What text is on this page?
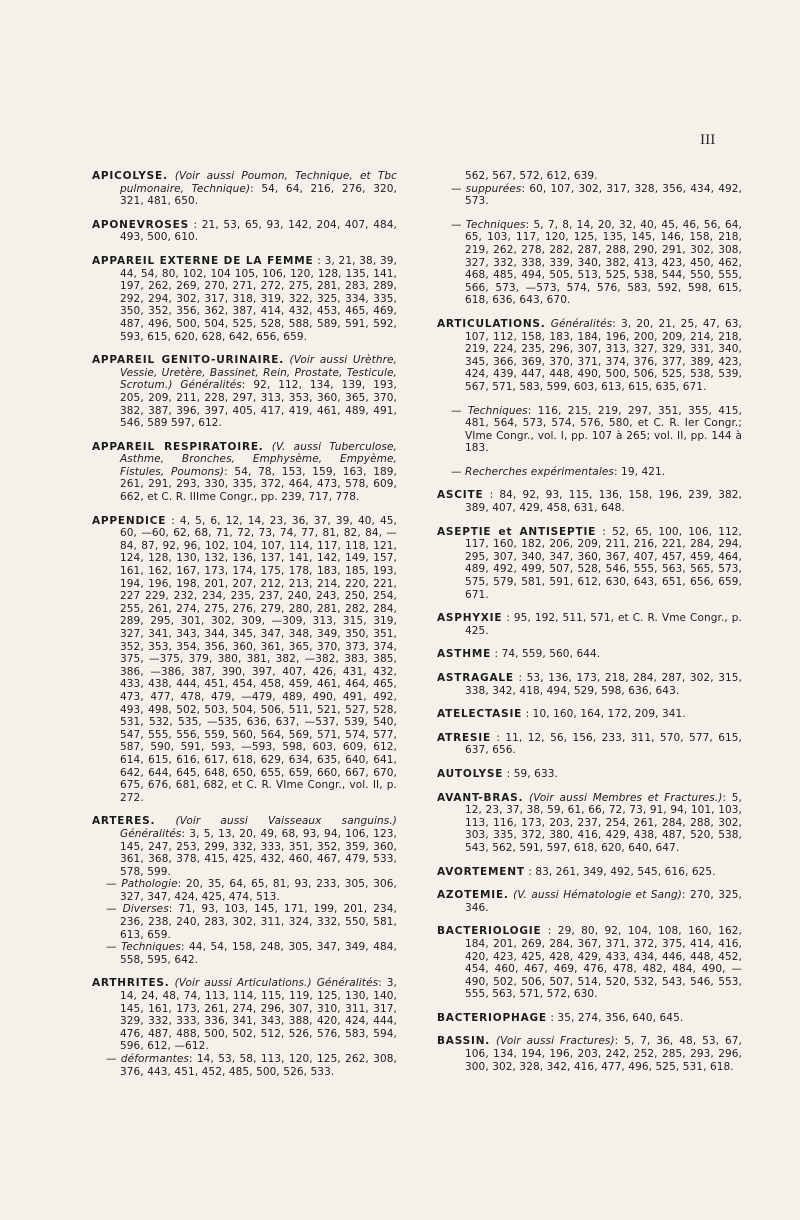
III

APICOLYSE. (Voir aussi Poumon, Technique, et Tbc pulmonaire, Technique): 54, 64, 216, 276, 320, 321, 481, 650.

APONEVROSES : 21, 53, 65, 93, 142, 204, 407, 484, 493, 500, 610.

APPAREIL EXTERNE DE LA FEMME : 3, 21, 38, 39, 44, 54, 80, 102, 104 105, 106, 120, 128, 135, 141, 197, 262, 269, 270, 271, 272, 275, 281, 283, 289, 292, 294, 302, 317, 318, 319, 322, 325, 334, 335, 350, 352, 356, 362, 387, 414, 432, 453, 465, 469, 487, 496, 500, 504, 525, 528, 588, 589, 591, 592, 593, 615, 620, 628, 642, 656, 659.

APPAREIL GENITO-URINAIRE. (Voir aussi Urèthre, Vessie, Uretère, Bassinet, Rein, Prostate, Testicule, Scrotum.) Généralités: 92, 112, 134, 139, 193, 205, 209, 211, 228, 297, 313, 353, 360, 365, 370, 382, 387, 396, 397, 405, 417, 419, 461, 489, 491, 546, 589 597, 612.

APPAREIL RESPIRATOIRE. (V. aussi Tuberculose, Asthme, Bronches, Emphysème, Empyème, Fistules, Poumons): 54, 78, 153, 159, 163, 189, 261, 291, 293, 330, 335, 372, 464, 473, 578, 609, 662, et C. R. IIIme Congr., pp. 239, 717, 778.

APPENDICE : 4, 5, 6, 12, 14, 23, 36, 37, 39, 40, 45, 60, —60, 62, 68, 71, 72, 73, 74, 77, 81, 82, 84, —84, 87, 92, 96, 102, 104, 107, 114, 117, 118, 121, 124, 128, 130, 132, 136, 137, 141, 142, 149, 157, 161, 162, 167, 173, 174, 175, 178, 183, 185, 193, 194, 196, 198, 201, 207, 212, 213, 214, 220, 221, 227 229, 232, 234, 235, 237, 240, 243, 250, 254, 255, 261, 274, 275, 276, 279, 280, 281, 282, 284, 289, 295, 301, 302, 309, —309, 313, 315, 319, 327, 341, 343, 344, 345, 347, 348, 349, 350, 351, 352, 353, 354, 356, 360, 361, 365, 370, 373, 374, 375, —375, 379, 380, 381, 382, —382, 383, 385, 386, —386, 387, 390, 397, 407, 426, 431, 432, 433, 438, 444, 451, 454, 458, 459, 461, 464, 465, 473, 477, 478, 479, —479, 489, 490, 491, 492, 493, 498, 502, 503, 504, 506, 511, 521, 527, 528, 531, 532, 535, —535, 636, 637, —537, 539, 540, 547, 555, 556, 559, 560, 564, 569, 571, 574, 577, 587, 590, 591, 593, —593, 598, 603, 609, 612, 614, 615, 616, 617, 618, 629, 634, 635, 640, 641, 642, 644, 645, 648, 650, 655, 659, 660, 667, 670, 675, 676, 681, 682, et C. R. VIme Congr., vol. II, p. 272.

ARTERES. (Voir aussi Vaisseaux sanguins.) Généralités: 3, 5, 13, 20, 49, 68, 93, 94, 106, 123, 145, 247, 253, 299, 332, 333, 351, 352, 359, 360, 361, 368, 378, 415, 425, 432, 460, 467, 479, 533, 578, 599.

— Pathologie: 20, 35, 64, 65, 81, 93, 233, 305, 306, 327, 347, 424, 425, 474, 513.

— Diverses: 71, 93, 103, 145, 171, 199, 201, 234, 236, 238, 240, 283, 302, 311, 324, 332, 550, 581, 613, 659.

— Techniques: 44, 54, 158, 248, 305, 347, 349, 484, 558, 595, 642.

ARTHRITES. (Voir aussi Articulations.) Généralités: 3, 14, 24, 48, 74, 113, 114, 115, 119, 125, 130, 140, 145, 161, 173, 261, 274, 296, 307, 310, 311, 317, 329, 332, 333, 336, 341, 343, 388, 420, 424, 444, 476, 487, 488, 500, 502, 512, 526, 576, 583, 594, 596, 612, —612.

— déformantes: 14, 53, 58, 113, 120, 125, 262, 308, 376, 443, 451, 452, 485, 500, 526, 533.

562, 567, 572, 612, 639.

— suppurées: 60, 107, 302, 317, 328, 356, 434, 492, 573.

— Techniques: 5, 7, 8, 14, 20, 32, 40, 45, 46, 56, 64, 65, 103, 117, 120, 125, 135, 145, 146, 158, 218, 219, 262, 278, 282, 287, 288, 290, 291, 302, 308, 327, 332, 338, 339, 340, 382, 413, 423, 450, 462, 468, 485, 494, 505, 513, 525, 538, 544, 550, 555, 566, 573, —573, 574, 576, 583, 592, 598, 615, 618, 636, 643, 670.

ARTICULATIONS. Généralités: 3, 20, 21, 25, 47, 63, 107, 112, 158, 183, 184, 196, 200, 209, 214, 218, 219, 224, 235, 296, 307, 313, 327, 329, 331, 340, 345, 366, 369, 370, 371, 374, 376, 377, 389, 423, 424, 439, 447, 448, 490, 500, 506, 525, 538, 539, 567, 571, 583, 599, 603, 613, 615, 635, 671.

— Techniques: 116, 215, 219, 297, 351, 355, 415, 481, 564, 573, 574, 576, 580, et C. R. Ier Congr.; VIme Congr., vol. I, pp. 107 à 265; vol. II, pp. 144 à 183.

— Recherches expérimentales: 19, 421.

ASCITE : 84, 92, 93, 115, 136, 158, 196, 239, 382, 389, 407, 429, 458, 631, 648.

ASEPTIE et ANTISEPTIE : 52, 65, 100, 106, 112, 117, 160, 182, 206, 209, 211, 216, 221, 284, 294, 295, 307, 340, 347, 360, 367, 407, 457, 459, 464, 489, 492, 499, 507, 528, 546, 555, 563, 565, 573, 575, 579, 581, 591, 612, 630, 643, 651, 656, 659, 671.

ASPHYXIE : 95, 192, 511, 571, et C. R. Vme Congr., p. 425.

ASTHME : 74, 559, 560, 644.

ASTRAGALE : 53, 136, 173, 218, 284, 287, 302, 315, 338, 342, 418, 494, 529, 598, 636, 643.

ATELECTASIE : 10, 160, 164, 172, 209, 341.

ATRESIE : 11, 12, 56, 156, 233, 311, 570, 577, 615, 637, 656.

AUTOLYSE : 59, 633.

AVANT-BRAS. (Voir aussi Membres et Fractures.): 5, 12, 23, 37, 38, 59, 61, 66, 72, 73, 91, 94, 101, 103, 113, 116, 173, 203, 237, 254, 261, 284, 288, 302, 303, 335, 372, 380, 416, 429, 438, 487, 520, 538, 543, 562, 591, 597, 618, 620, 640, 647.

AVORTEMENT : 83, 261, 349, 492, 545, 616, 625.

AZOTEMIE. (V. aussi Hématologie et Sang): 270, 325, 346.

BACTERIOLOGIE : 29, 80, 92, 104, 108, 160, 162, 184, 201, 269, 284, 367, 371, 372, 375, 414, 416, 420, 423, 425, 428, 429, 433, 434, 446, 448, 452, 454, 460, 467, 469, 476, 478, 482, 484, 490, —490, 502, 506, 507, 514, 520, 532, 543, 546, 553, 555, 563, 571, 572, 630.

BACTERIOPHAGE : 35, 274, 356, 640, 645.

BASSIN. (Voir aussi Fractures): 5, 7, 36, 48, 53, 67, 106, 134, 194, 196, 203, 242, 252, 285, 293, 296, 300, 302, 328, 342, 416, 477, 496, 525, 531, 618.
